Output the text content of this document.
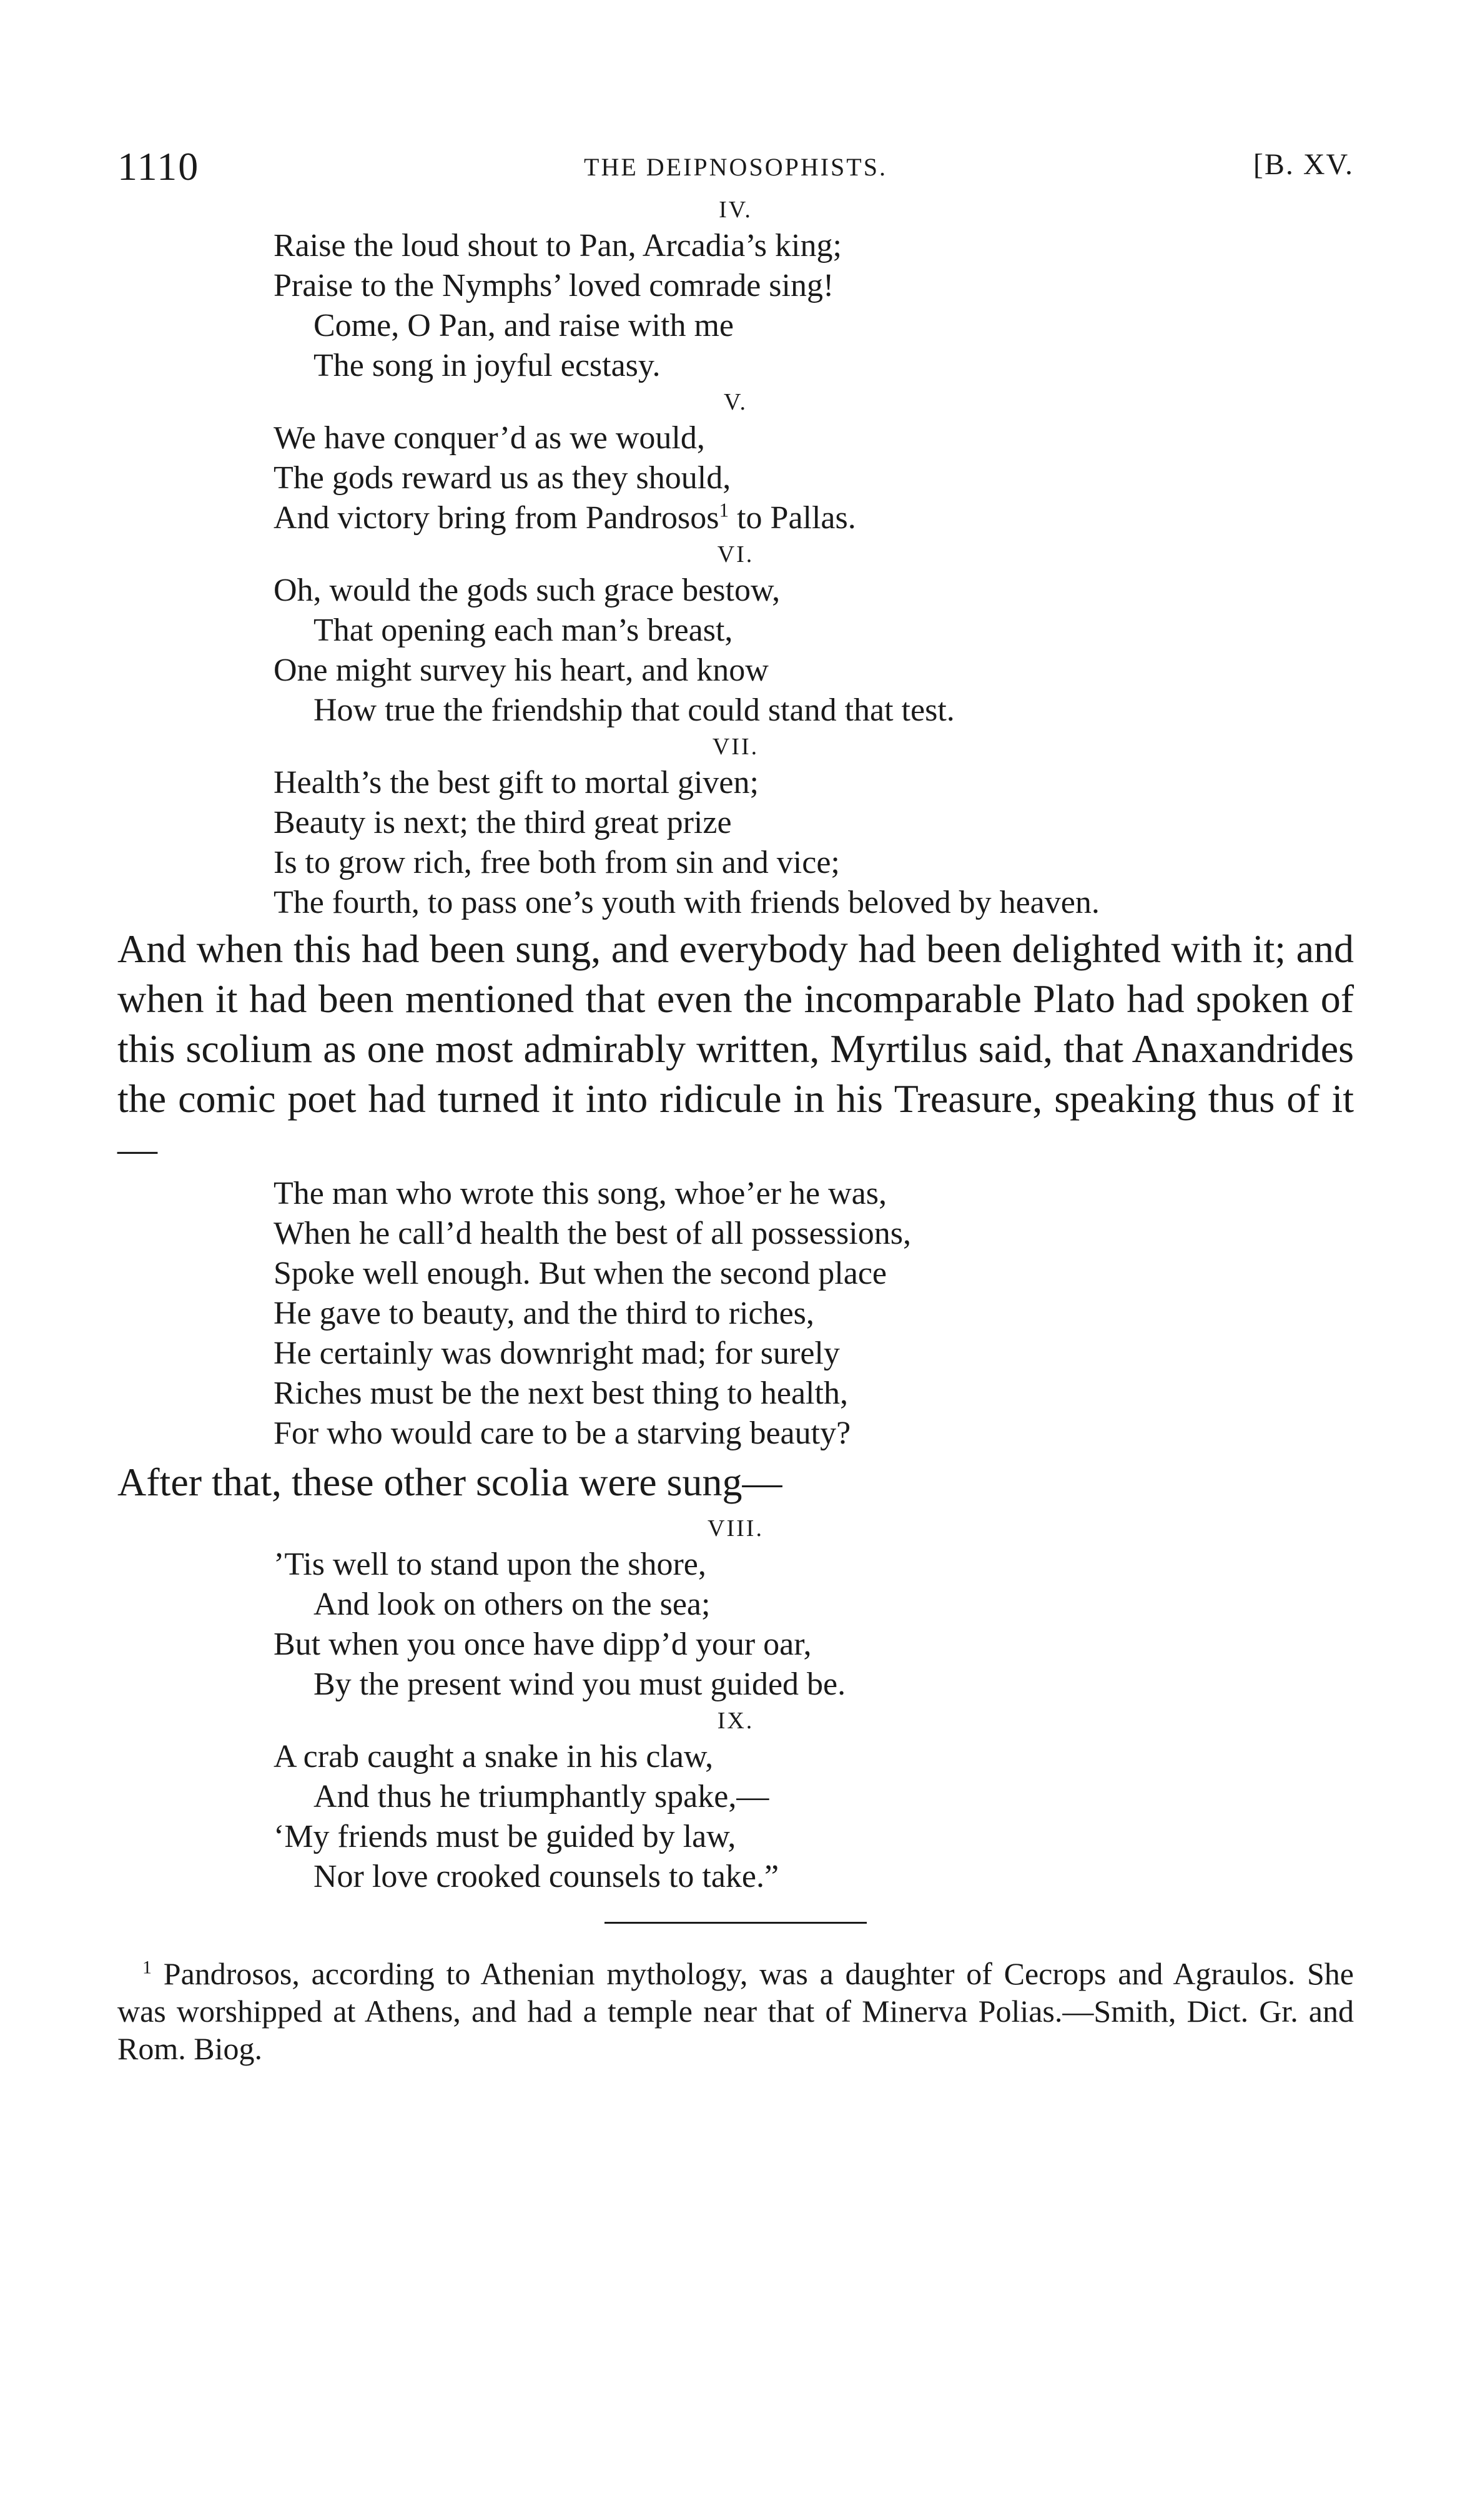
1110	THE DEIPNOSOPHISTS.	[B. XV.
IV.
Raise the loud shout to Pan, Arcadia’s king;
Praise to the Nymphs’ loved comrade sing!
Come, O Pan, and raise with me
The song in joyful ecstasy.
V.
We have conquer’d as we would,
The gods reward us as they should,
And victory bring from Pandrosos$^1$ to Pallas.
VI.
Oh, would the gods such grace bestow,
That opening each man’s breast,
One might survey his heart, and know
How true the friendship that could stand that test.
VII.
Health’s the best gift to mortal given;
Beauty is next; the third great prize
Is to grow rich, free both from sin and vice;
The fourth, to pass one’s youth with friends beloved by heaven.

And when this had been sung, and everybody had been delighted with it; and when it had been mentioned that even the incomparable Plato had spoken of this scolium as one most admirably written, Myrtilus said, that Anaxandrides the comic poet had turned it into ridicule in his Treasure, speaking thus of it—

The man who wrote this song, whoe’er he was,
When he call’d health the best of all possessions,
Spoke well enough. But when the second place
He gave to beauty, and the third to riches,
He certainly was downright mad; for surely
Riches must be the next best thing to health,
For who would care to be a starving beauty?

After that, these other scolia were sung—

VIII.
’Tis well to stand upon the shore,
And look on others on the sea;
But when you once have dipp’d your oar,
By the present wind you must guided be.
IX.
A crab caught a snake in his claw,
And thus he triumphantly spake,—
‘My friends must be guided by law,
Nor love crooked counsels to take.”

$^1$ Pandrosos, according to Athenian mythology, was a daughter of Cecrops and Agraulos. She was worshipped at Athens, and had a temple near that of Minerva Polias.—Smith, Dict. Gr. and Rom. Biog.
